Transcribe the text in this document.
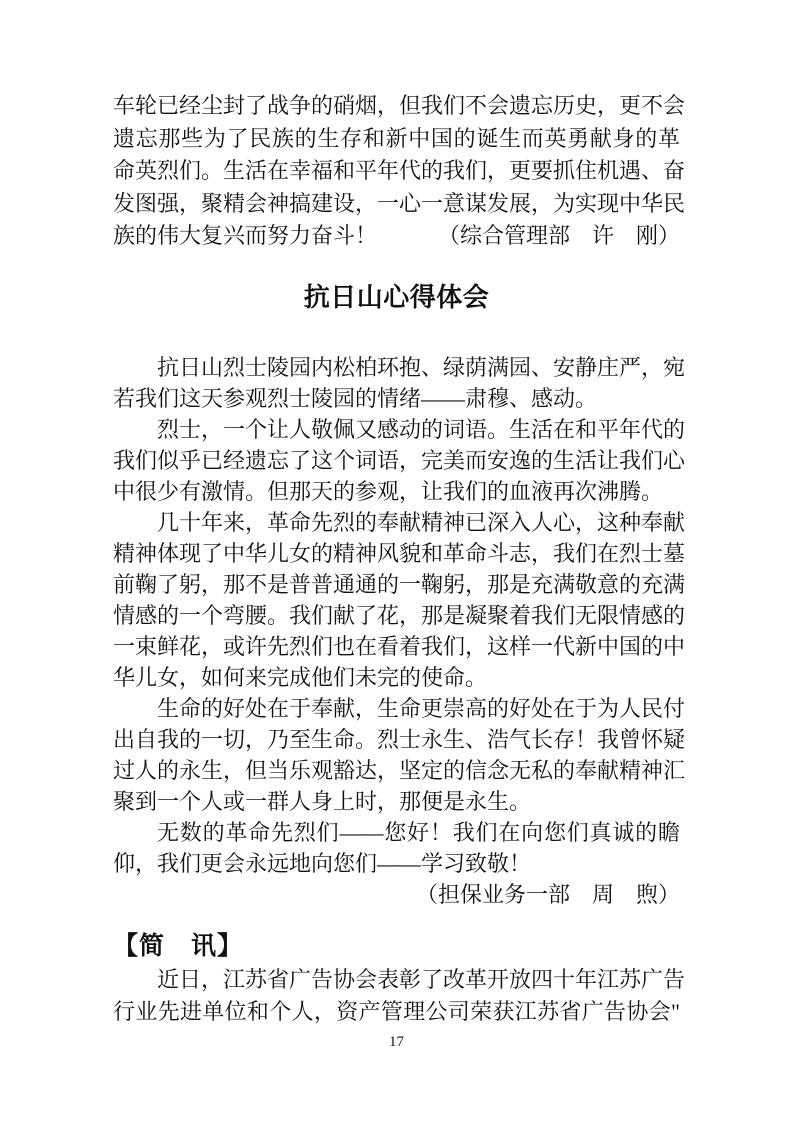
车轮已经尘封了战争的硝烟，但我们不会遗忘历史，更不会
遗忘那些为了民族的生存和新中国的诞生而英勇献身的革
命英烈们。生活在幸福和平年代的我们，更要抓住机遇、奋
发图强，聚精会神搞建设，一心一意谋发展，为实现中华民
族的伟大复兴而努力奋斗！	（综合管理部　许　刚）
抗日山心得体会
抗日山烈士陵园内松柏环抱、绿荫满园、安静庄严，宛
若我们这天参观烈士陵园的情绪——肃穆、感动。
烈士，一个让人敬佩又感动的词语。生活在和平年代的
我们似乎已经遗忘了这个词语，完美而安逸的生活让我们心
中很少有激情。但那天的参观，让我们的血液再次沸腾。
几十年来，革命先烈的奉献精神已深入人心，这种奉献
精神体现了中华儿女的精神风貌和革命斗志，我们在烈士墓
前鞠了躬，那不是普普通通的一鞠躬，那是充满敬意的充满
情感的一个弯腰。我们献了花，那是凝聚着我们无限情感的
一束鲜花，或许先烈们也在看着我们，这样一代新中国的中
华儿女，如何来完成他们未完的使命。
生命的好处在于奉献，生命更崇高的好处在于为人民付
出自我的一切，乃至生命。烈士永生、浩气长存！我曾怀疑
过人的永生，但当乐观豁达，坚定的信念无私的奉献精神汇
聚到一个人或一群人身上时，那便是永生。
无数的革命先烈们——您好！我们在向您们真诚的瞻
仰，我们更会永远地向您们——学习致敬！
（担保业务一部　周　煦）
【简　讯】
近日，江苏省广告协会表彰了改革开放四十年江苏广告
行业先进单位和个人，资产管理公司荣获江苏省广告协会"
17
